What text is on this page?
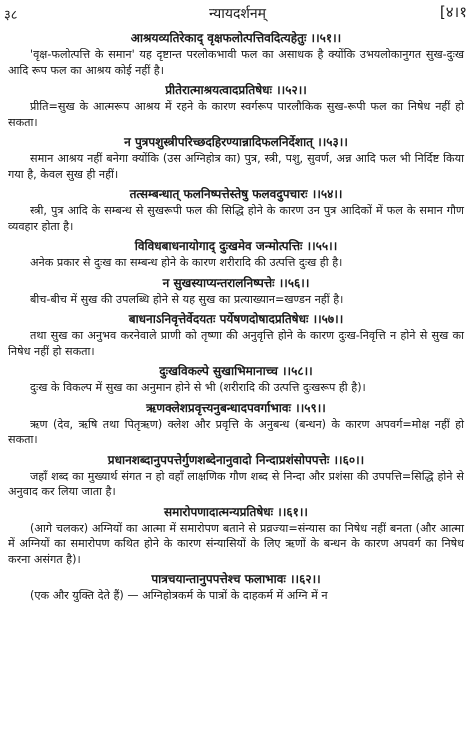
३८	न्यायदर्शनम्	[४।१
आश्रयव्यतिरेकाद् वृक्षफलोत्पत्तिवदित्यहेतुः ।।५१।।

'वृक्ष-फलोत्पत्ति के समान' यह दृष्टान्त परलोकभावी फल का असाधक है क्योंकि उभयलोकानुगत सुख-दुःख आदि रूप फल का आश्रय कोई नहीं है।

प्रीतेरात्माश्रयत्वादप्रतिषेधः ।।५२।।

प्रीति=सुख के आत्मरूप आश्रय में रहने के कारण स्वर्गरूप पारलौकिक सुख-रूपी फल का निषेध नहीं हो सकता।

न पुत्रपशुस्त्रीपरिच्छदहिरण्यान्नादिफलनिर्देशात् ।।५३।।

समान आश्रय नहीं बनेगा क्योंकि (उस अग्निहोत्र का) पुत्र, स्त्री, पशु, सुवर्ण, अन्न आदि फल भी निर्दिष्ट किया गया है, केवल सुख ही नहीं।

तत्सम्बन्धात् फलनिष्पत्तेस्तेषु फलवदुपचारः ।।५४।।

स्त्री, पुत्र आदि के सम्बन्ध से सुखरूपी फल की सिद्धि होने के कारण उन पुत्र आदिकों में फल के समान गौण व्यवहार होता है।

विविधबाधनायोगाद् दुःखमेव जन्मोत्पत्तिः ।।५५।।

अनेक प्रकार से दुःख का सम्बन्ध होने के कारण शरीरादि की उत्पत्ति दुःख ही है।

न सुखस्याप्यन्तरालनिष्पत्तेः ।।५६।।

बीच-बीच में सुख की उपलब्धि होने से यह सुख का प्रत्याख्यान=खण्डन नहीं है।

बाधनाऽनिवृत्तेर्वेदयतः पर्येषणदोषादप्रतिषेधः ।।५७।।

तथा सुख का अनुभव करनेवाले प्राणी को तृष्णा की अनुवृत्ति होने के कारण दुःख-निवृत्ति न होने से सुख का निषेध नहीं हो सकता।

दुःखविकल्पे सुखाभिमानाच्च ।।५८।।

दुःख के विकल्प में सुख का अनुमान होने से भी (शरीरादि की उत्पत्ति दुःखरूप ही है)।

ऋणक्लेशप्रवृत्त्यनुबन्धादपवर्गाभावः ।।५९।।

ऋण (देव, ऋषि तथा पितृऋण) क्लेश और प्रवृत्ति के अनुबन्ध (बन्धन) के कारण अपवर्ग=मोक्ष नहीं हो सकता।

प्रधानशब्दानुपपत्तेर्गुणशब्देनानुवादो निन्दाप्रशंसोपपत्तेः ।।६०।।

जहाँ शब्द का मुख्यार्थ संगत न हो वहाँ लाक्षणिक गौण शब्द से निन्दा और प्रशंसा की उपपत्ति=सिद्धि होने से अनुवाद कर लिया जाता है।

समारोपणादात्मन्यप्रतिषेधः ।।६१।।

(आगे चलकर) अग्नियों का आत्मा में समारोपण बताने से प्रव्रज्या=संन्यास का निषेध नहीं बनता (और आत्मा में अग्नियों का समारोपण कथित होने के कारण संन्यासियों के लिए ऋणों के बन्धन के कारण अपवर्ग का निषेध करना असंगत है)।

पात्रचयान्तानुपपत्तेश्च फलाभावः ।।६२।।

(एक और युक्ति देते हैं) — अग्निहोत्रकर्म के पात्रों के दाहकर्म में अग्नि में न
